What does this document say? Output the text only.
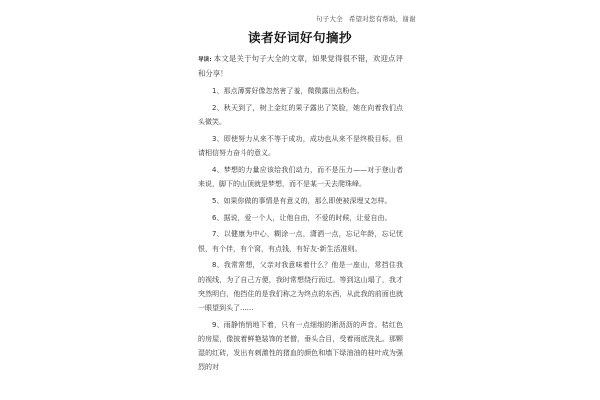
句子大全 希望对您有帮助，谢谢
读者好词好句摘抄

导读: 本文是关于句子大全的文章，如果觉得很不错，欢迎点评和分享！

1、那点薄雾好像忽然害了羞，微微露出点粉色。

2、秋天到了，树上金红的果子露出了笑脸，她在向着我们点头微笑。

3、即使努力从来不等于成功，成功也从来不是终极目标，但请相信努力奋斗的意义。

4、梦想的力量应该给我们动力，而不是压力——对于登山者来说，脚下的山顶就是梦想，而不是某一天去爬珠峰。

5、如果你做的事情是有意义的，那么即使被深埋又怎样。

6、据说，爱一个人，让他自由，不爱的时候，让爱自由。

7、以健康为中心，糊涂一点，潇洒一点，忘记年龄，忘记忧恨，有个伴，有个窝，有点钱，有好友-新生活准则。

8、我常常想，父亲对我意味着什么？他是一座山，常挡住我的视线，为了自己方便，我时常想绕行而过。等到这山塌了，我才突然明白，他挡住的是我们称之为终点的东西，从此我的前面也就一眼望到头了......

9、雨静悄悄地下着，只有一点细细的淅沥沥的声音。桔红色的房屋，像披着鲜艳装饰的老僧，垂头合目，受着雨底洗礼。那颗湿的红砖，发出有刺激性的猪血的颜色和墙下绿油油的桂叶成为强烈的对
